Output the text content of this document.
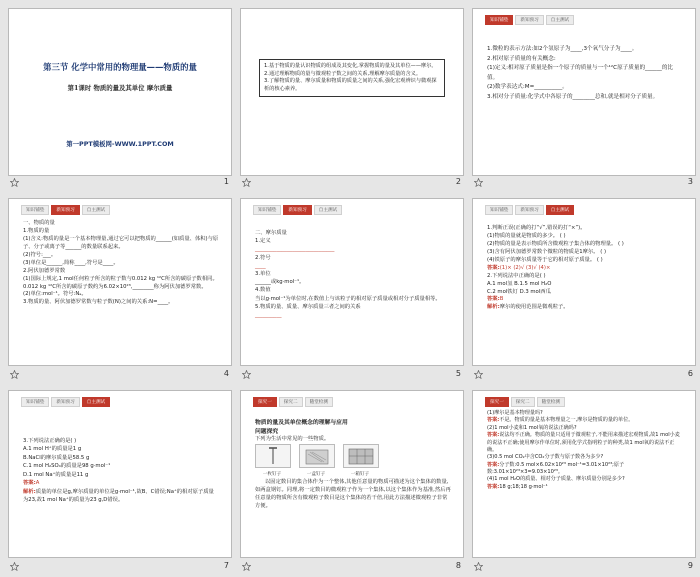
第三节 化学中常用的物理量——物质的量
第1课时 物质的量及其单位 摩尔质量
第一PPT模板网-WWW.1PPT.COM
1.基于物质的量认识物质的组成及其变化,掌握物质的量及其单位——摩尔。
2.通过理解物质的量与微观粒子数之间的关系,理解摩尔质量的含义。
3.了解物质的量、摩尔质量和物质的质量之间的关系,强化宏观辨识与微观探析的核心素养。
知识铺垫	新知预习	自主测试
1.微粒的表示方法:如2个氢原子为____,3个氧气分子为____。
2.相对原子质量的有关概念:
(1)定义:相对原子质量是指一个原子的质量与一个¹²C原子质量的______的比值。
(2)数学表达式:M=__________。
3.相对分子质量:化学式中各原子的________总和,就是相对分子质量。
1	2	3
知识铺垫	新知预习	自主测试
一、物质的量
1.物质的量
(1)含义:物质的量是一个基本物理量,通过它可以把物质的______(如质量、体积)与原子、分子或离子等______的数量联系起来。
(2)符号:___。
(3)单位是______,简称____,符号是____。
2.阿伏加德罗常数
(1)国际上规定,1 mol任何粒子所含的粒子数与0.012 kg ¹²C所含的碳原子数相同。0.012 kg ¹²C所含的碳原子数约为6.02×10²³,________称为阿伏加德罗常数。
(2)单位:mol⁻¹。符号:Nₐ。
3.物质的量、阿伏加德罗常数与粒子数(N)之间的关系:N=____。
知识铺垫	新知预习	自主测试
二、摩尔质量
1.定义
______________________________
2.符号
____
3.单位
______或kg·mol⁻¹。
4.数值
当以g·mol⁻¹为单位时,在数值上与该粒子的相对原子质量或相对分子质量相等。
5.物质的量、质量、摩尔质量三者之间的关系
__________
知识铺垫	新知预习	自主测试
1.判断正误(正确的打“√”,错误的打“×”)。
(1)物质的量就是物质的多少。 ( )
(2)物质的量是表示物质所含微观粒子集合体的物理量。 ( )
(3)含有阿伏加德罗常数个微粒的物质是1摩尔。 ( )
(4)铁原子的摩尔质量等于它的相对原子质量。 ( )
答案:(1)× (2)√ (3)√ (4)×
2.下列说法中正确的是( )
A.1 mol氢 B.1.5 mol H₂O
C.2 mol铁钉 D.3 mol西瓜
答案:B
解析:摩尔的使用范围是微观粒子。
4	5	6
知识铺垫	新知预习	自主测试
3.下列说法正确的是( )
A.1 mol H⁺的质量是1 g
B.NaCl的摩尔质量是58.5 g
C.1 mol H₂SO₄的质量是98 g·mol⁻¹
D.1 mol Na⁺的质量是11 g
答案:A
解析:质量的单位是g,摩尔质量的单位是g·mol⁻¹,故B、C错误;Na⁺的相对原子质量为23,故1 mol Na⁺的质量为23 g,D错误。
探究一	探究二	随堂检测
物质的量及其单位概念的理解与应用
问题探究
下列为生活中常见的一些物质。
一枚钉子	一盒钉子	一箱钉子
以固定数目的集合体作为一个整体,其他任意量的物质可描述为这个集体的数量,如两盒钢钉。同理,将一定数目的微观粒子作为一个集体,以这个集体作为基准,然后再任意量的物质所含有微观粒子数目是这个集体的若干倍,用此方法描述微观粒子非常方便。
探究一	探究二	随堂检测
(1)摩尔是基本物理量吗?
答案:不是。物质的量是基本物理量之一,摩尔是物质的量的单位。
(2)1 mol小麦和1 mol氧的说法正确吗?
答案:说法均不正确。物质的量只适用于微观粒子,不能用来描述宏观物质,故1 mol小麦的说法不正确;使用摩尔作单位时,须用化学式指明粒子的种类,故1 mol氧的说法不正确。
(3)0.5 mol CO₂中含CO₂分子数与原子数各为多少?
答案:分子数:0.5 mol×6.02×10²³ mol⁻¹=3.01×10²³;原子数:3.01×10²³×3=9.03×10²³。
(4)1 mol H₂O的质量、相对分子质量、摩尔质量分别是多少?
答案:18 g;18;18 g·mol⁻¹
7	8	9
